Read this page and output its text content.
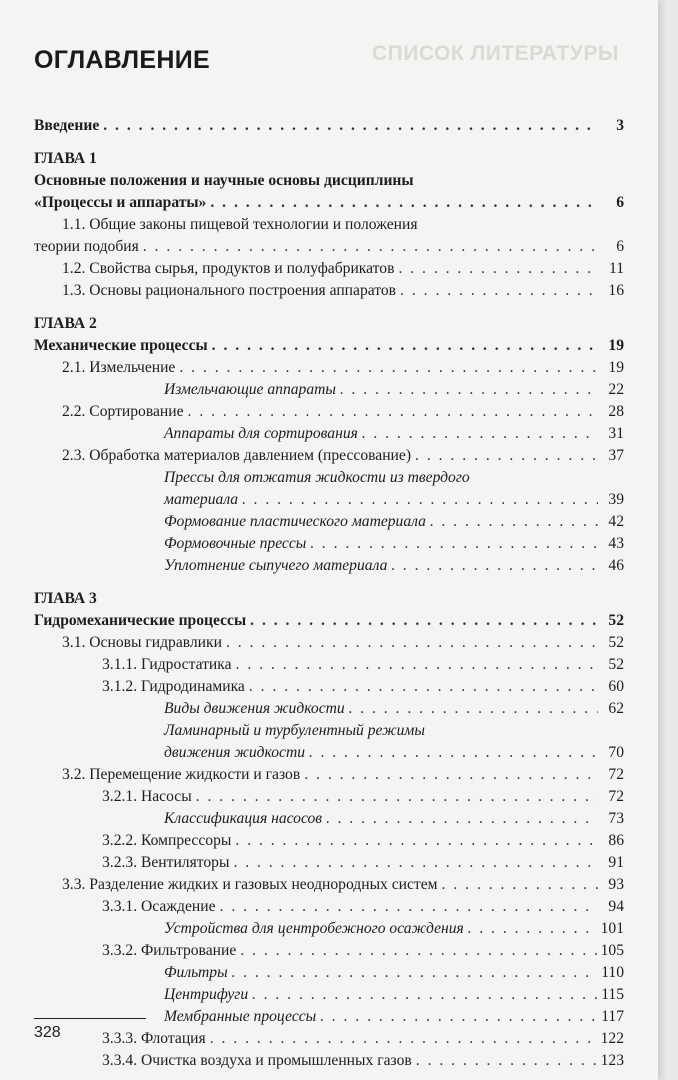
СПИСОК ЛИТЕРАТУРЫ
ОГЛАВЛЕНИЕ
Введение . . .	3
ГЛАВА 1
Основные положения и научные основы дисциплины
«Процессы и аппараты» . . .	6
1.1. Общие законы пищевой технологии и положения
теории подобия . . .	6
1.2. Свойства сырья, продуктов и полуфабрикатов . . .	11
1.3. Основы рационального построения аппаратов . . .	16
ГЛАВА 2
Механические процессы . . .	19
2.1. Измельчение . . .	19
Измельчающие аппараты . . .	22
2.2. Сортирование . . .	28
Аппараты для сортирования . . .	31
2.3. Обработка материалов давлением (прессование) . . .	37
Прессы для отжатия жидкости из твердого
материала . . .	39
Формование пластического материала . . .	42
Формовочные прессы . . .	43
Уплотнение сыпучего материала . . .	46
ГЛАВА 3
Гидромеханические процессы . . .	52
3.1. Основы гидравлики . . .	52
3.1.1. Гидростатика . . .	52
3.1.2. Гидродинамика . . .	60
Виды движения жидкости . . .	62
Ламинарный и турбулентный режимы
движения жидкости . . .	70
3.2. Перемещение жидкости и газов . . .	72
3.2.1. Насосы . . .	72
Классификация насосов . . .	73
3.2.2. Компрессоры . . .	86
3.2.3. Вентиляторы . . .	91
3.3. Разделение жидких и газовых неоднородных систем . . .	93
3.3.1. Осаждение . . .	94
Устройства для центробежного осаждения . . .	101
3.3.2. Фильтрование . . .	105
Фильтры . . .	110
Центрифуги . . .	115
Мембранные процессы . . .	117
3.3.3. Флотация . . .	122
3.3.4. Очистка воздуха и промышленных газов . . .	123
328
